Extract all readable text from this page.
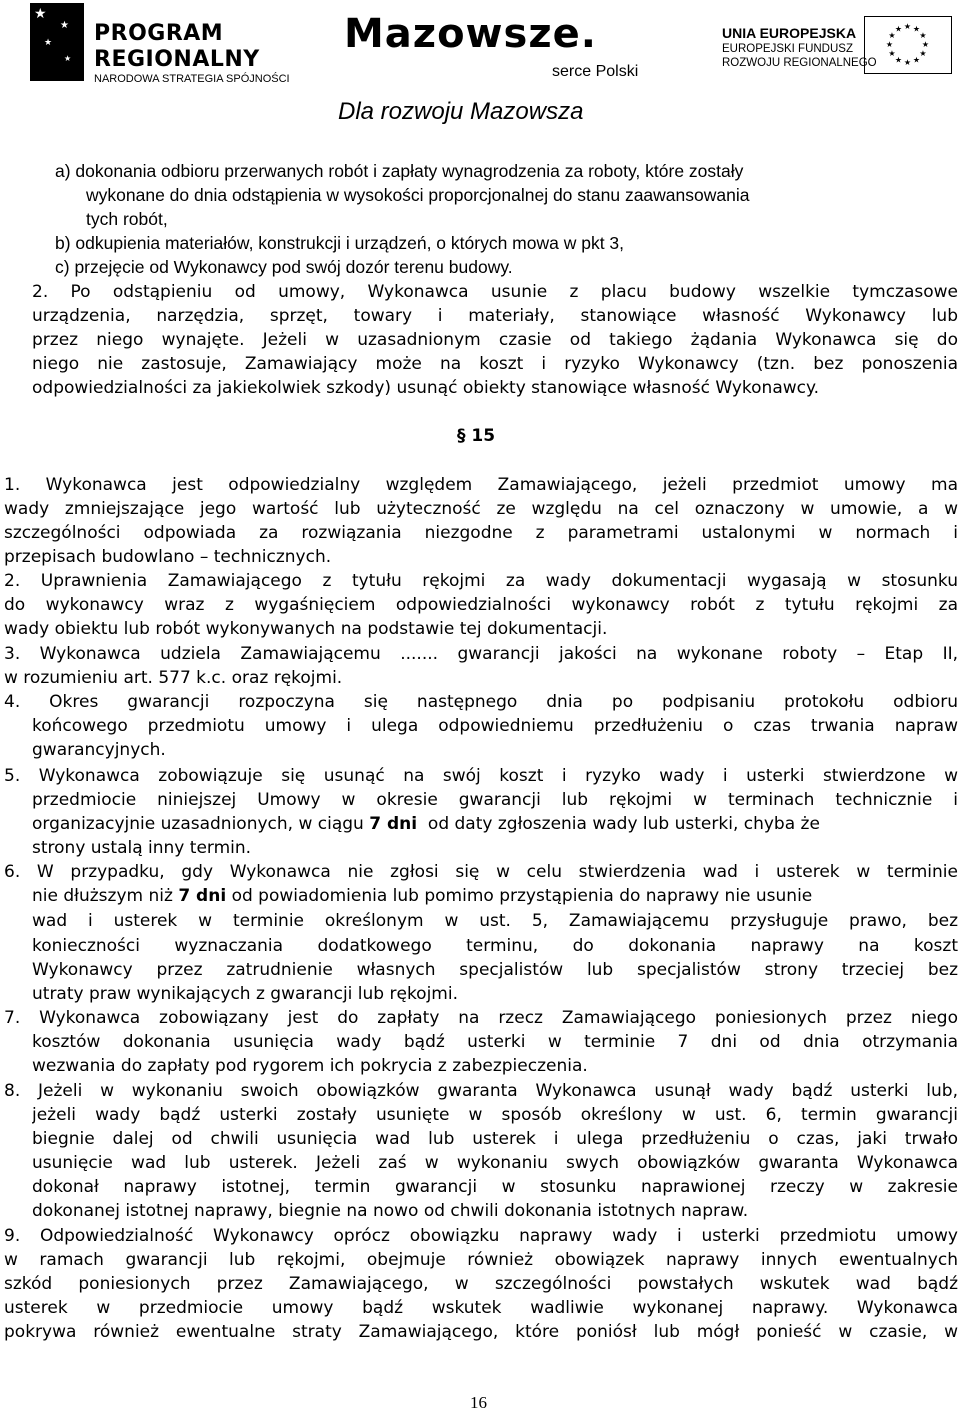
★
★
★
★
PROGRAM
REGIONALNY
NARODOWA STRATEGIA SPÓJNOŚCI
Mazowsze.
serce Polski
UNIA EUROPEJSKA
EUROPEJSKI FUNDUSZ
ROZWOJU REGIONALNEGO
★ ★
★
★
★
★
★
★
★
★
★
★
Dla rozwoju Mazowsza
a) dokonania odbioru przerwanych robót i zapłaty wynagrodzenia za roboty, które zostały
wykonane do dnia odstąpienia w wysokości proporcjonalnej do stanu zaawansowania
tych robót,
b) odkupienia materiałów, konstrukcji i urządzeń, o których mowa w pkt 3,
c) przejęcie od Wykonawcy pod swój dozór terenu budowy.
2. Po odstąpieniu od umowy, Wykonawca usunie z placu budowy wszelkie tymczasowe
urządzenia, narzędzia, sprzęt, towary i materiały, stanowiące własność Wykonawcy lub
przez niego wynajęte. Jeżeli w uzasadnionym czasie od takiego żądania Wykonawca się do
niego nie zastosuje, Zamawiający może na koszt i ryzyko Wykonawcy (tzn. bez ponoszenia
odpowiedzialności za jakiekolwiek szkody) usunąć obiekty stanowiące własność Wykonawcy.
§ 15
1. Wykonawca jest odpowiedzialny względem Zamawiającego, jeżeli przedmiot umowy ma
wady zmniejszające jego wartość lub użyteczność ze względu na cel oznaczony w umowie, a w
szczególności odpowiada za rozwiązania niezgodne z parametrami ustalonymi w normach i
przepisach budowlano – technicznych.
2. Uprawnienia Zamawiającego z tytułu rękojmi za wady dokumentacji wygasają w stosunku
do wykonawcy wraz z wygaśnięciem odpowiedzialności wykonawcy robót z tytułu rękojmi za
wady obiektu lub robót wykonywanych na podstawie tej dokumentacji.
3. Wykonawca udziela Zamawiającemu ....... gwarancji jakości na wykonane roboty – Etap II,
w rozumieniu art. 577 k.c. oraz rękojmi.
4. Okres gwarancji rozpoczyna się następnego dnia po podpisaniu protokołu odbioru
końcowego przedmiotu umowy i ulega odpowiedniemu przedłużeniu o czas trwania napraw
gwarancyjnych.
5. Wykonawca zobowiązuje się usunąć na swój koszt i ryzyko wady i usterki stwierdzone w
przedmiocie niniejszej Umowy w okresie gwarancji lub rękojmi w terminach technicznie i
organizacyjnie uzasadnionych, w ciągu 7 dni  od daty zgłoszenia wady lub usterki, chyba że
strony ustalą inny termin.
6. W przypadku, gdy Wykonawca nie zgłosi się w celu stwierdzenia wad i usterek w terminie
nie dłuższym niż 7 dni od powiadomienia lub pomimo przystąpienia do naprawy nie usunie
wad i usterek w terminie określonym w ust. 5, Zamawiającemu przysługuje prawo, bez
konieczności wyznaczania dodatkowego terminu, do dokonania naprawy na koszt
Wykonawcy przez zatrudnienie własnych specjalistów lub specjalistów strony trzeciej bez
utraty praw wynikających z gwarancji lub rękojmi.
7. Wykonawca zobowiązany jest do zapłaty na rzecz Zamawiającego poniesionych przez niego
kosztów dokonania usunięcia wady bądź usterki w terminie 7 dni od dnia otrzymania
wezwania do zapłaty pod rygorem ich pokrycia z zabezpieczenia.
8. Jeżeli w wykonaniu swoich obowiązków gwaranta Wykonawca usunął wady bądź usterki lub,
jeżeli wady bądź usterki zostały usunięte w sposób określony w ust. 6, termin gwarancji
biegnie dalej od chwili usunięcia wad lub usterek i ulega przedłużeniu o czas, jaki trwało
usunięcie wad lub usterek. Jeżeli zaś w wykonaniu swych obowiązków gwaranta Wykonawca
dokonał naprawy istotnej, termin gwarancji w stosunku naprawionej rzeczy w zakresie
dokonanej istotnej naprawy, biegnie na nowo od chwili dokonania istotnych napraw.
9. Odpowiedzialność Wykonawcy oprócz obowiązku naprawy wady i usterki przedmiotu umowy
w ramach gwarancji lub rękojmi, obejmuje również obowiązek naprawy innych ewentualnych
szkód poniesionych przez Zamawiającego, w szczególności powstałych wskutek wad bądź
usterek w przedmiocie umowy bądź wskutek wadliwie wykonanej naprawy. Wykonawca
pokrywa również ewentualne straty Zamawiającego, które poniósł lub mógł ponieść w czasie, w
16
